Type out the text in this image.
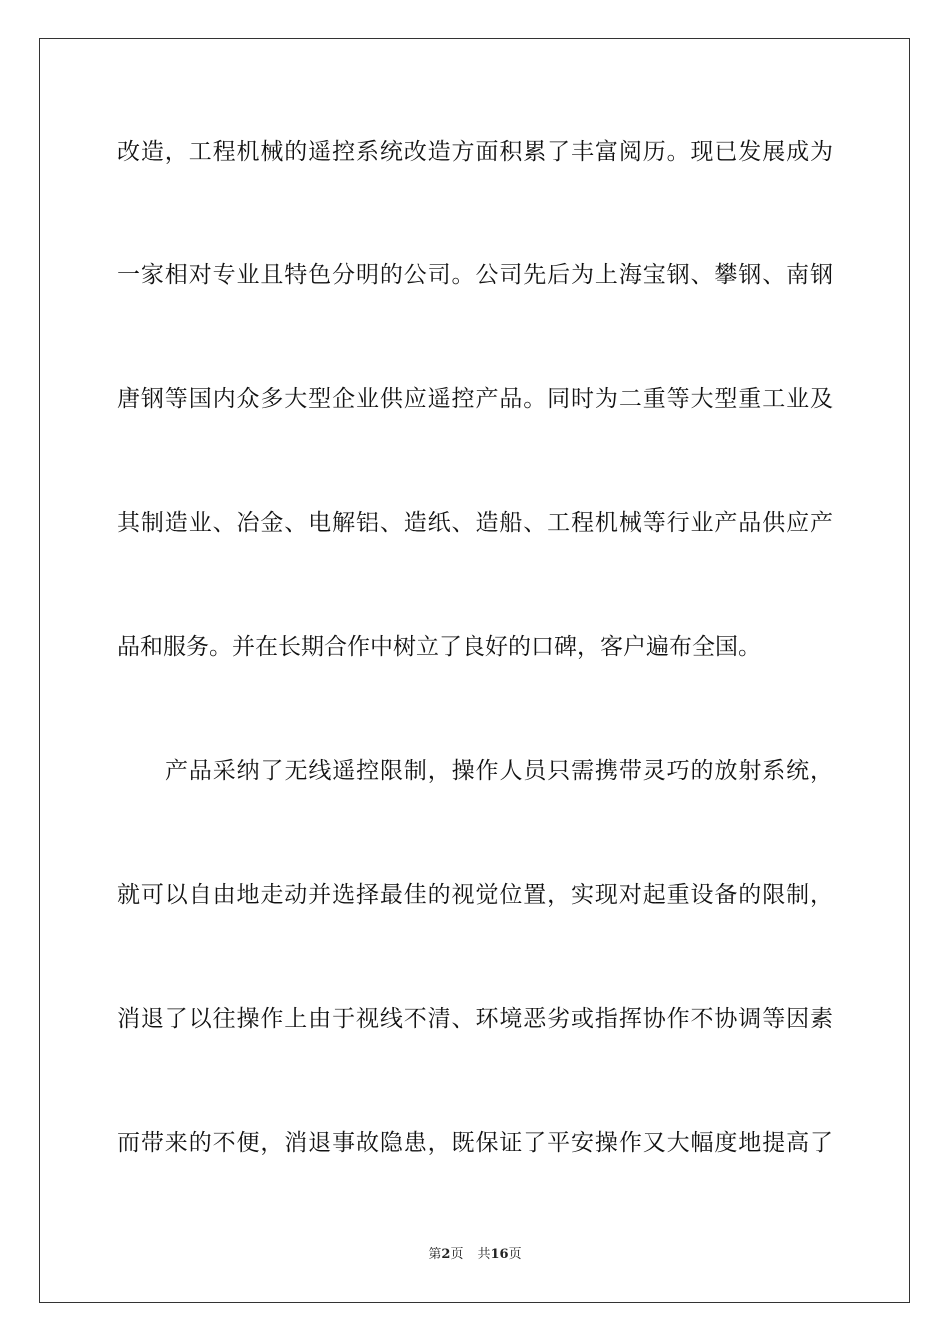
改造，工程机械的遥控系统改造方面积累了丰富阅历。现已发展成为
一家相对专业且特色分明的公司。公司先后为上海宝钢、攀钢、南钢
唐钢等国内众多大型企业供应遥控产品。同时为二重等大型重工业及
其制造业、冶金、电解铝、造纸、造船、工程机械等行业产品供应产
品和服务。并在长期合作中树立了良好的口碑，客户遍布全国。
产品采纳了无线遥控限制，操作人员只需携带灵巧的放射系统，
就可以自由地走动并选择最佳的视觉位置，实现对起重设备的限制，
消退了以往操作上由于视线不清、环境恶劣或指挥协作不协调等因素
而带来的不便，消退事故隐患，既保证了平安操作又大幅度地提高了
第2页 共16页
